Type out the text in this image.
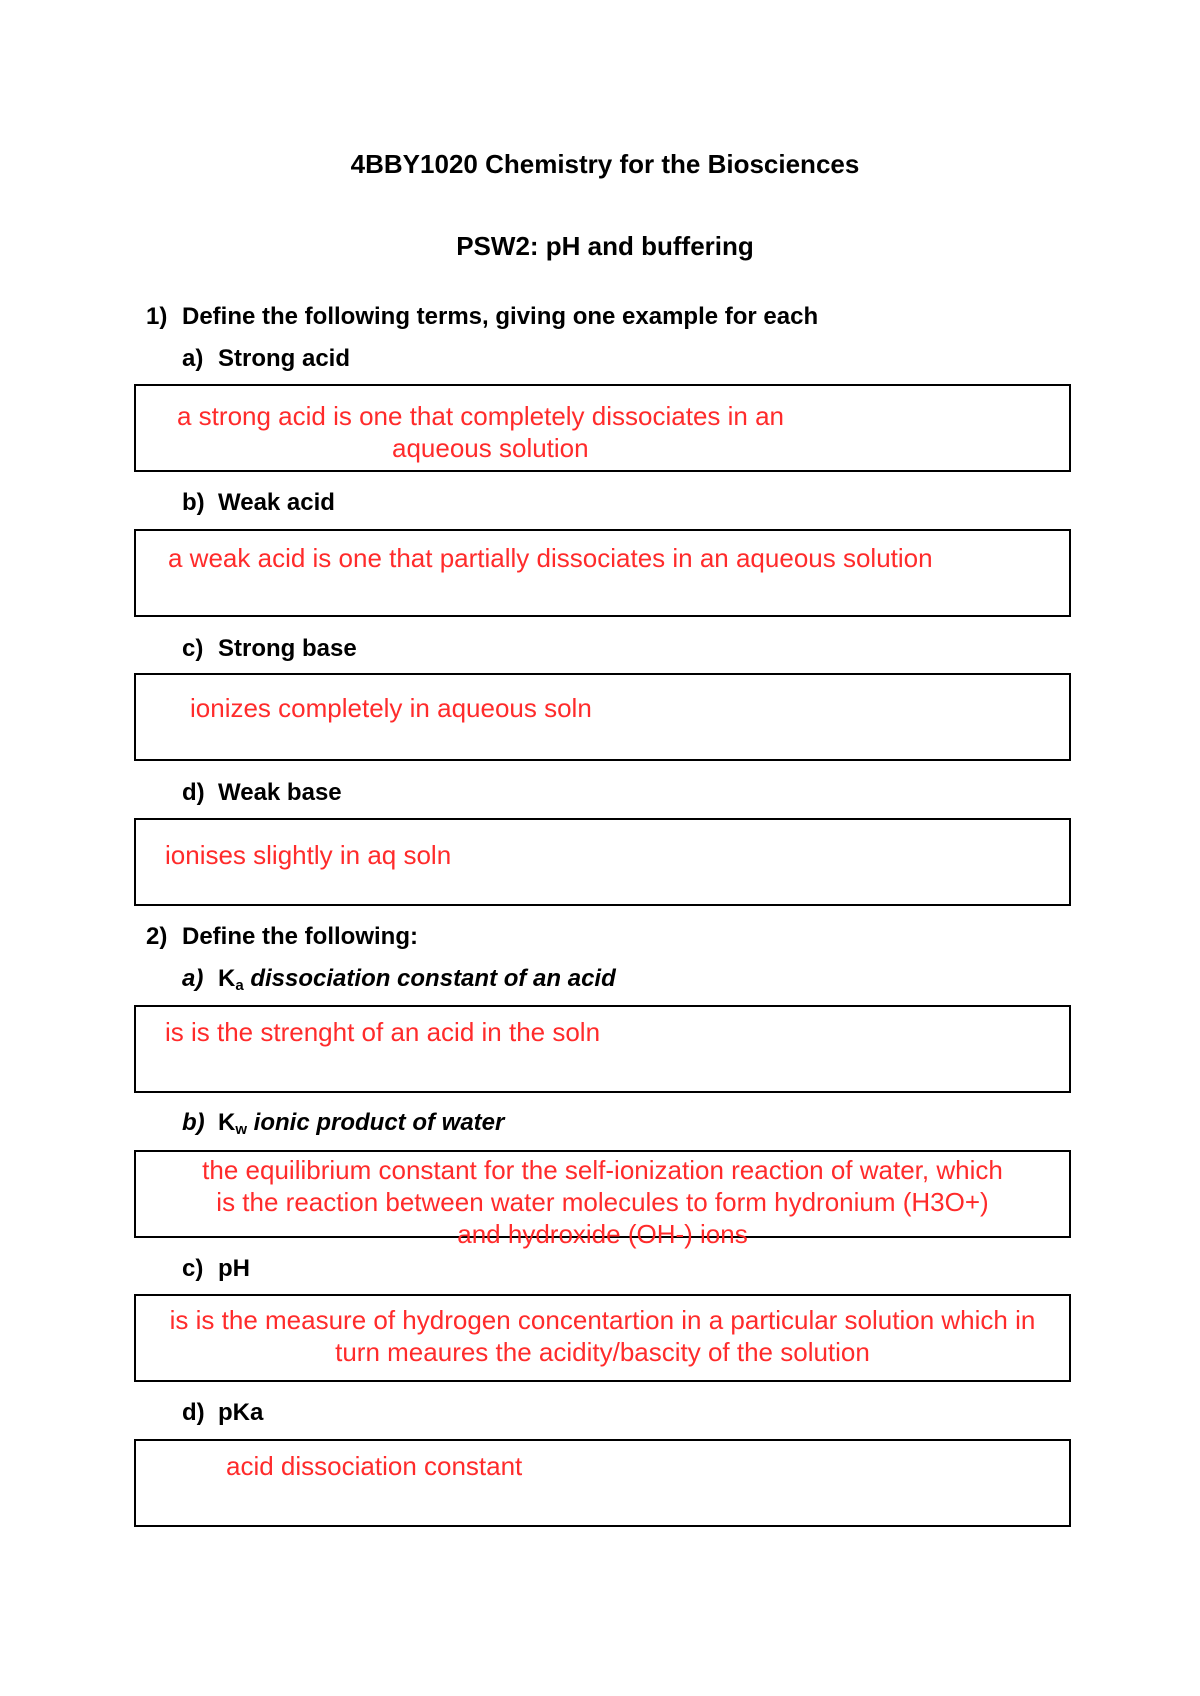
4BBY1020 Chemistry for the Biosciences
PSW2: pH and buffering
1) Define the following terms, giving one example for each
a) Strong acid
a strong acid is one that completely dissociates in an
aqueous solution
b) Weak acid
a weak acid is one that partially dissociates in an aqueous solution
c) Strong base
ionizes completely in aqueous soln
d) Weak base
ionises slightly in aq soln
2) Define the following:
a) $K_a$ dissociation constant of an acid
is is the strenght of an acid in the soln
b) $K_w$ ionic product of water
the equilibrium constant for the self-ionization reaction of water, which
is the reaction between water molecules to form hydronium (H3O+)
and hydroxide (OH-) ions
c) pH
is is the measure of hydrogen concentartion in a particular solution which in
turn meaures the acidity/bascity of the solution
d) pKa
acid dissociation constant
